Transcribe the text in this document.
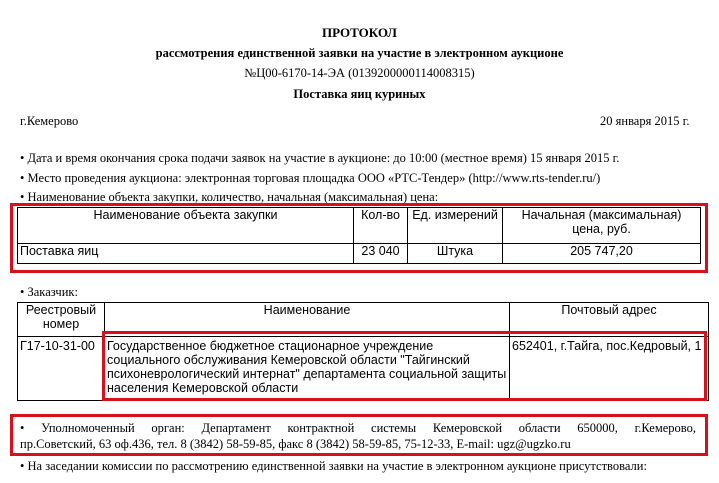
ПРОТОКОЛ
рассмотрения единственной заявки на участие в электронном аукционе
№Ц00-6170-14-ЭА (0139200000114008315)
Поставка яиц куриных
г.Кемерово	20 января 2015 г.
• Дата и время окончания срока подачи заявок на участие в аукционе: до 10:00 (местное время) 15 января 2015 г.
• Место проведения аукциона: электронная торговая площадка ООО «РТС-Тендер» (http://www.rts-tender.ru/)
• Наименование объекта закупки, количество, начальная (максимальная) цена:
Наименование объекта закупки	Кол-во	Ед. измерений	Начальная (максимальная) цена, руб.
Поставка яиц	23 040	Штука	205 747,20
• Заказчик:
Реестровый номер	Наименование	Почтовый адрес
Г17-10-31-00	Государственное бюджетное стационарное учреждение социального обслуживания Кемеровской области "Тайгинский психоневрологический интернат" департамента социальной защиты населения Кемеровской области	652401, г.Тайга, пос.Кедровый, 1
• Уполномоченный орган: Департамент контрактной системы Кемеровской области 650000, г.Кемерово,
пр.Советский, 63 оф.436, тел. 8 (3842) 58-59-85, факс 8 (3842) 58-59-85, 75-12-33, E-mail: ugz@ugzko.ru
• На заседании комиссии по рассмотрению единственной заявки на участие в электронном аукционе присутствовали:
